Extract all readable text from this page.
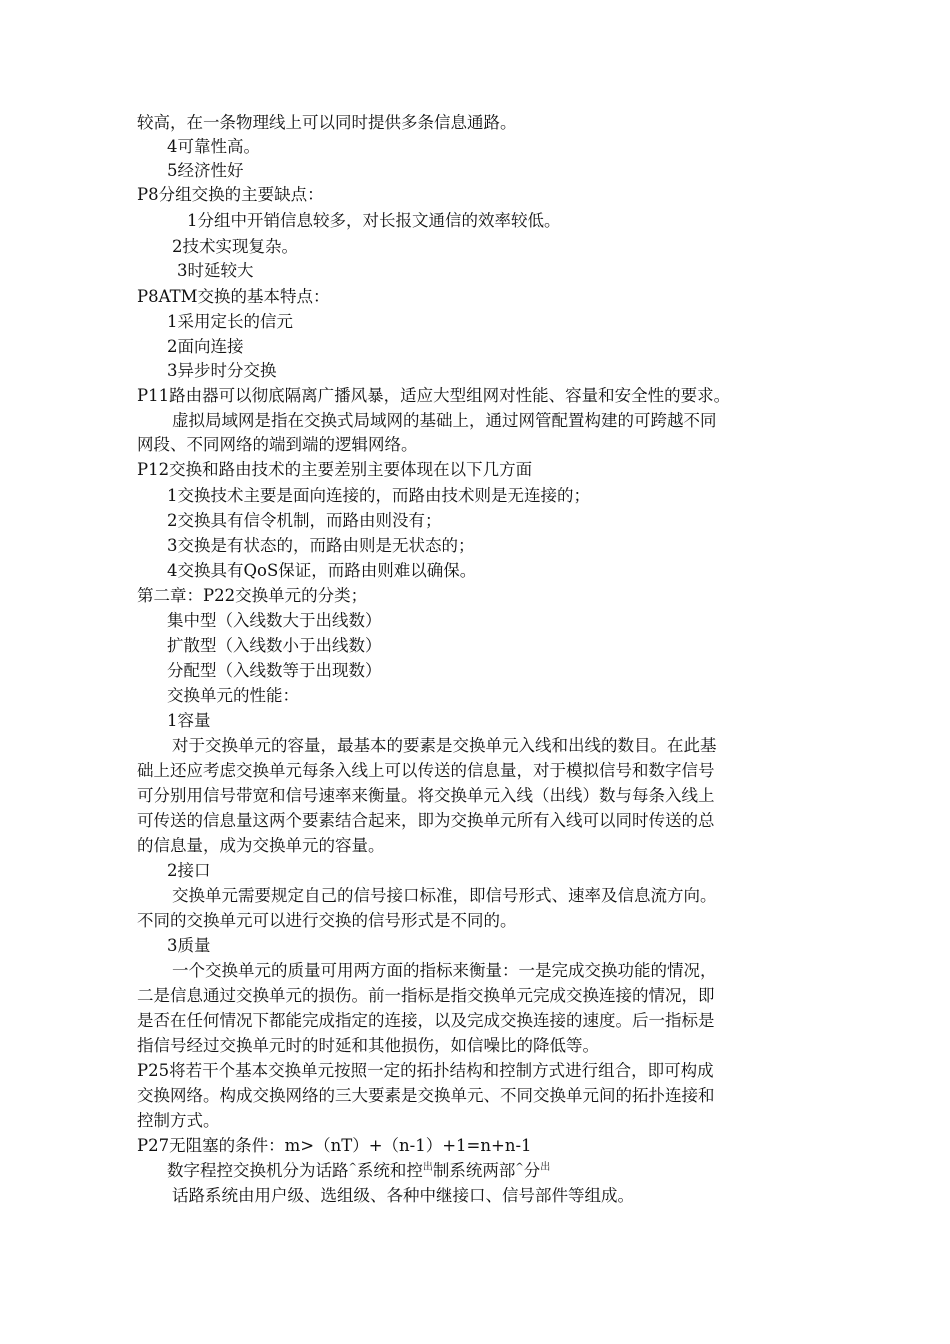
较高，在一条物理线上可以同时提供多条信息通路。
4可靠性高。
5经济性好
P8分组交换的主要缺点：
1分组中开销信息较多，对长报文通信的效率较低。
2技术实现复杂。
3时延较大
P8ATM交换的基本特点：
1采用定长的信元
2面向连接
3异步时分交换
P11路由器可以彻底隔离广播风暴，适应大型组网对性能、容量和安全性的要求。
虚拟局域网是指在交换式局域网的基础上，通过网管配置构建的可跨越不同
网段、不同网络的端到端的逻辑网络。
P12交换和路由技术的主要差别主要体现在以下几方面
1交换技术主要是面向连接的，而路由技术则是无连接的；
2交换具有信令机制，而路由则没有；
3交换是有状态的，而路由则是无状态的；
4交换具有QoS保证，而路由则难以确保。
第二章：P22交换单元的分类；
集中型（入线数大于出线数）
扩散型（入线数小于出线数）
分配型（入线数等于出现数）
交换单元的性能：
1容量
对于交换单元的容量，最基本的要素是交换单元入线和出线的数目。在此基
础上还应考虑交换单元每条入线上可以传送的信息量，对于模拟信号和数字信号
可分别用信号带宽和信号速率来衡量。将交换单元入线（出线）数与每条入线上
可传送的信息量这两个要素结合起来，即为交换单元所有入线可以同时传送的总
的信息量，成为交换单元的容量。
2接口
交换单元需要规定自己的信号接口标准，即信号形式、速率及信息流方向。
不同的交换单元可以进行交换的信号形式是不同的。
3质量
一个交换单元的质量可用两方面的指标来衡量：一是完成交换功能的情况，
二是信息通过交换单元的损伤。前一指标是指交换单元完成交换连接的情况，即
是否在任何情况下都能完成指定的连接，以及完成交换连接的速度。后一指标是
指信号经过交换单元时的时延和其他损伤，如信噪比的降低等。
P25将若干个基本交换单元按照一定的拓扑结构和控制方式进行组合，即可构成
交换网络。构成交换网络的三大要素是交换单元、不同交换单元间的拓扑连接和
控制方式。
P27无阻塞的条件：m>（nT）+（n-1）+1=n+n-1
数字程控交换机分为话路^系统和控$^出$制系统两部^分$^出$
话路系统由用户级、选组级、各种中继接口、信号部件等组成。
